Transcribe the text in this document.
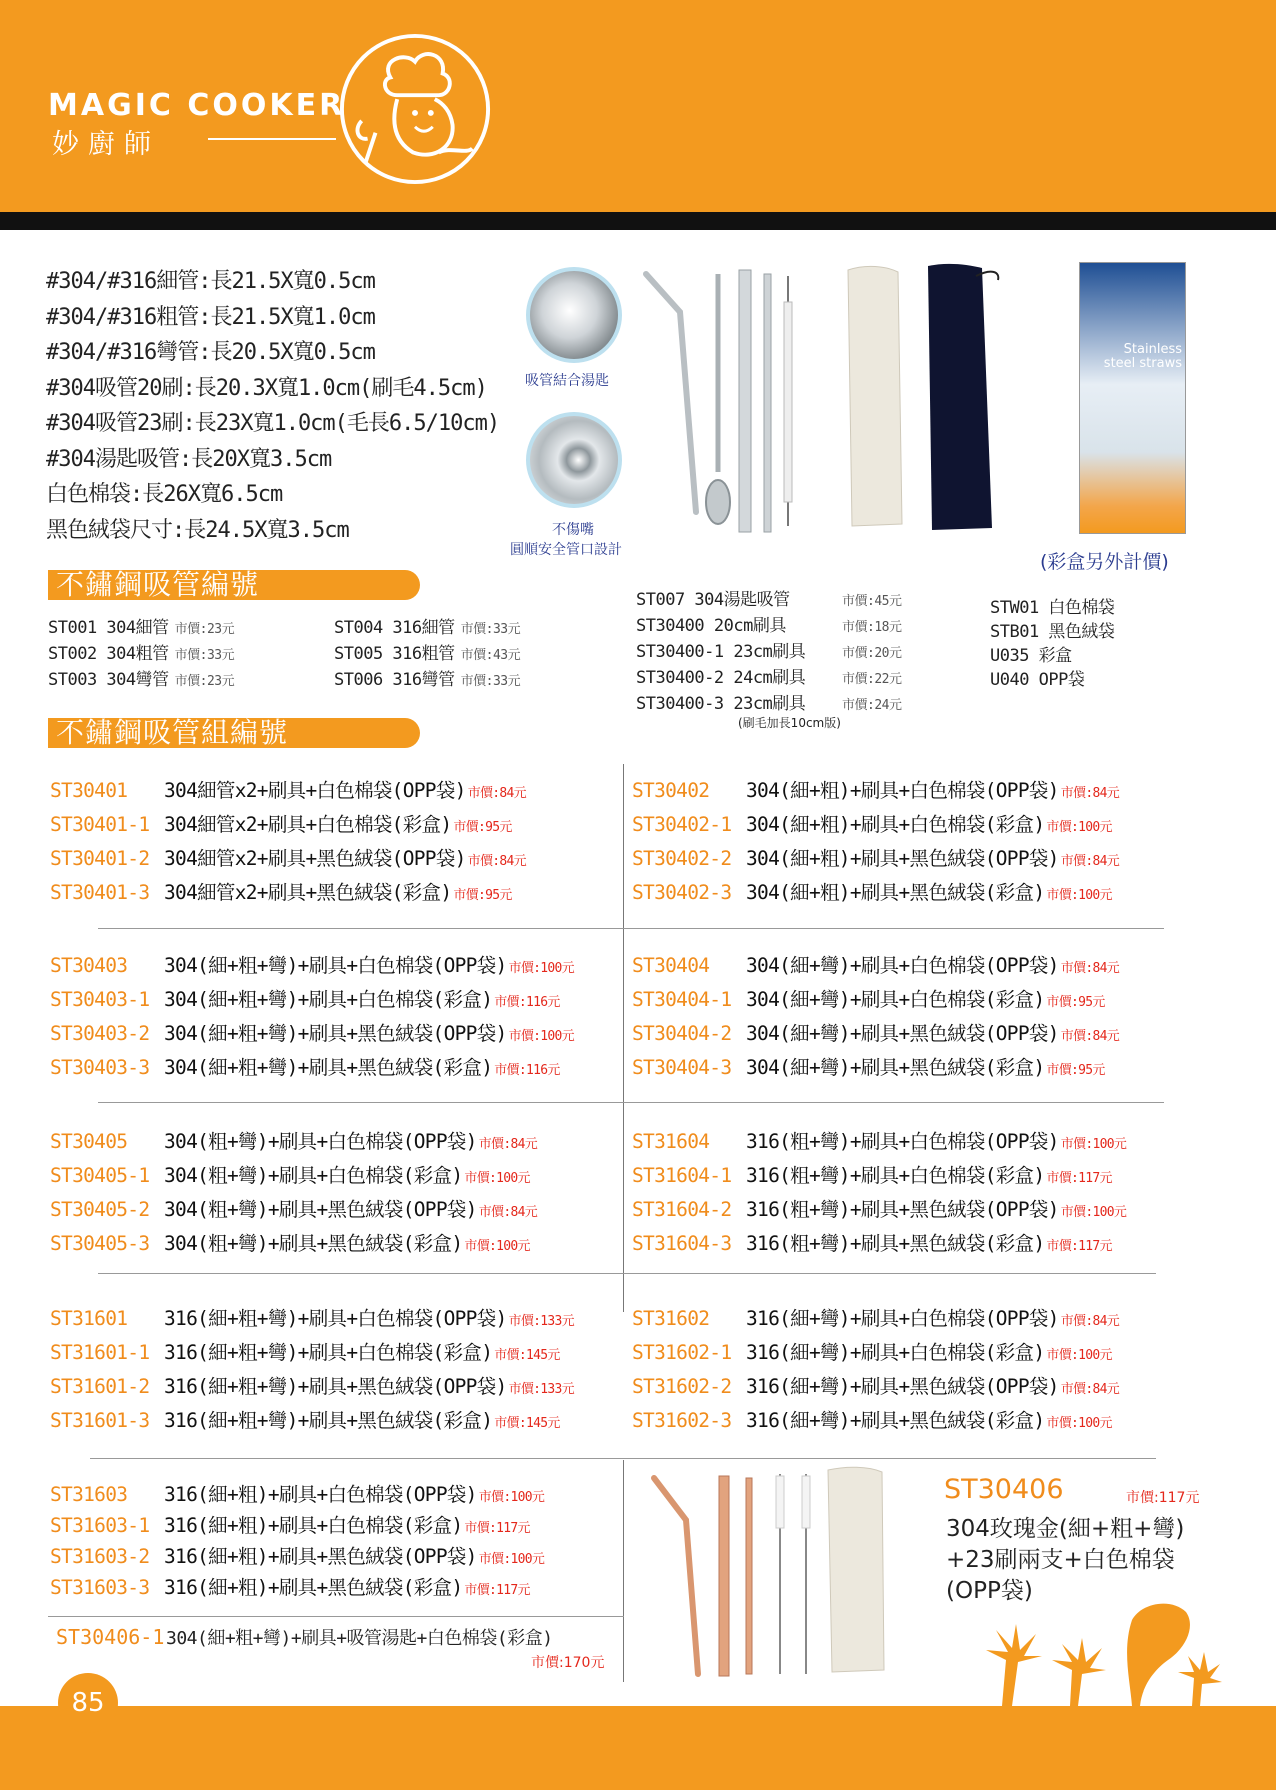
MAGIC COOKER
妙廚師
#304/#316細管:長21.5X寬0.5cm
#304/#316粗管:長21.5X寬1.0cm
#304/#316彎管:長20.5X寬0.5cm
#304吸管20刷:長20.3X寬1.0cm(刷毛4.5cm)
#304吸管23刷:長23X寬1.0cm(毛長6.5/10cm)
#304湯匙吸管:長20X寬3.5cm
白色棉袋:長26X寬6.5cm
黑色絨袋尺寸:長24.5X寬3.5cm
吸管結合湯匙
不傷嘴
圓順安全管口設計
Stainless steel straws
(彩盒另外計價)
不鏽鋼吸管編號
ST001 304細管 市價:23元
ST002 304粗管 市價:33元
ST003 304彎管 市價:23元
ST004 316細管 市價:33元
ST005 316粗管 市價:43元
ST006 316彎管 市價:33元
ST007 304湯匙吸管	市價:45元
ST30400 20cm刷具	市價:18元
ST30400-1 23cm刷具	市價:20元
ST30400-2 24cm刷具	市價:22元
ST30400-3 23cm刷具	市價:24元
(刷毛加長10cm版)
STW01 白色棉袋
STB01 黑色絨袋
U035 彩盒
U040 OPP袋
不鏽鋼吸管組編號
ST30401 304細管x2+刷具+白色棉袋(OPP袋) 市價:84元
ST30401-1 304細管x2+刷具+白色棉袋(彩盒) 市價:95元
ST30401-2 304細管x2+刷具+黑色絨袋(OPP袋) 市價:84元
ST30401-3 304細管x2+刷具+黑色絨袋(彩盒) 市價:95元
ST30403 304(細+粗+彎)+刷具+白色棉袋(OPP袋) 市價:100元
ST30403-1 304(細+粗+彎)+刷具+白色棉袋(彩盒) 市價:116元
ST30403-2 304(細+粗+彎)+刷具+黑色絨袋(OPP袋) 市價:100元
ST30403-3 304(細+粗+彎)+刷具+黑色絨袋(彩盒) 市價:116元
ST30405 304(粗+彎)+刷具+白色棉袋(OPP袋) 市價:84元
ST30405-1 304(粗+彎)+刷具+白色棉袋(彩盒) 市價:100元
ST30405-2 304(粗+彎)+刷具+黑色絨袋(OPP袋) 市價:84元
ST30405-3 304(粗+彎)+刷具+黑色絨袋(彩盒) 市價:100元
ST31601 316(細+粗+彎)+刷具+白色棉袋(OPP袋) 市價:133元
ST31601-1 316(細+粗+彎)+刷具+白色棉袋(彩盒) 市價:145元
ST31601-2 316(細+粗+彎)+刷具+黑色絨袋(OPP袋) 市價:133元
ST31601-3 316(細+粗+彎)+刷具+黑色絨袋(彩盒) 市價:145元
ST31603 316(細+粗)+刷具+白色棉袋(OPP袋) 市價:100元
ST31603-1 316(細+粗)+刷具+白色棉袋(彩盒) 市價:117元
ST31603-2 316(細+粗)+刷具+黑色絨袋(OPP袋) 市價:100元
ST31603-3 316(細+粗)+刷具+黑色絨袋(彩盒) 市價:117元
ST30402 304(細+粗)+刷具+白色棉袋(OPP袋) 市價:84元
ST30402-1 304(細+粗)+刷具+白色棉袋(彩盒) 市價:100元
ST30402-2 304(細+粗)+刷具+黑色絨袋(OPP袋) 市價:84元
ST30402-3 304(細+粗)+刷具+黑色絨袋(彩盒) 市價:100元
ST30404 304(細+彎)+刷具+白色棉袋(OPP袋) 市價:84元
ST30404-1 304(細+彎)+刷具+白色棉袋(彩盒) 市價:95元
ST30404-2 304(細+彎)+刷具+黑色絨袋(OPP袋) 市價:84元
ST30404-3 304(細+彎)+刷具+黑色絨袋(彩盒) 市價:95元
ST31604 316(粗+彎)+刷具+白色棉袋(OPP袋) 市價:100元
ST31604-1 316(粗+彎)+刷具+白色棉袋(彩盒) 市價:117元
ST31604-2 316(粗+彎)+刷具+黑色絨袋(OPP袋) 市價:100元
ST31604-3 316(粗+彎)+刷具+黑色絨袋(彩盒) 市價:117元
ST31602 316(細+彎)+刷具+白色棉袋(OPP袋) 市價:84元
ST31602-1 316(細+彎)+刷具+白色棉袋(彩盒) 市價:100元
ST31602-2 316(細+彎)+刷具+黑色絨袋(OPP袋) 市價:84元
ST31602-3 316(細+彎)+刷具+黑色絨袋(彩盒) 市價:100元
ST30406	市價:117元
304玫瑰金(細+粗+彎)
+23刷兩支+白色棉袋
(OPP袋)
ST30406-1 304(細+粗+彎)+刷具+吸管湯匙+白色棉袋(彩盒)
市價:170元
85
